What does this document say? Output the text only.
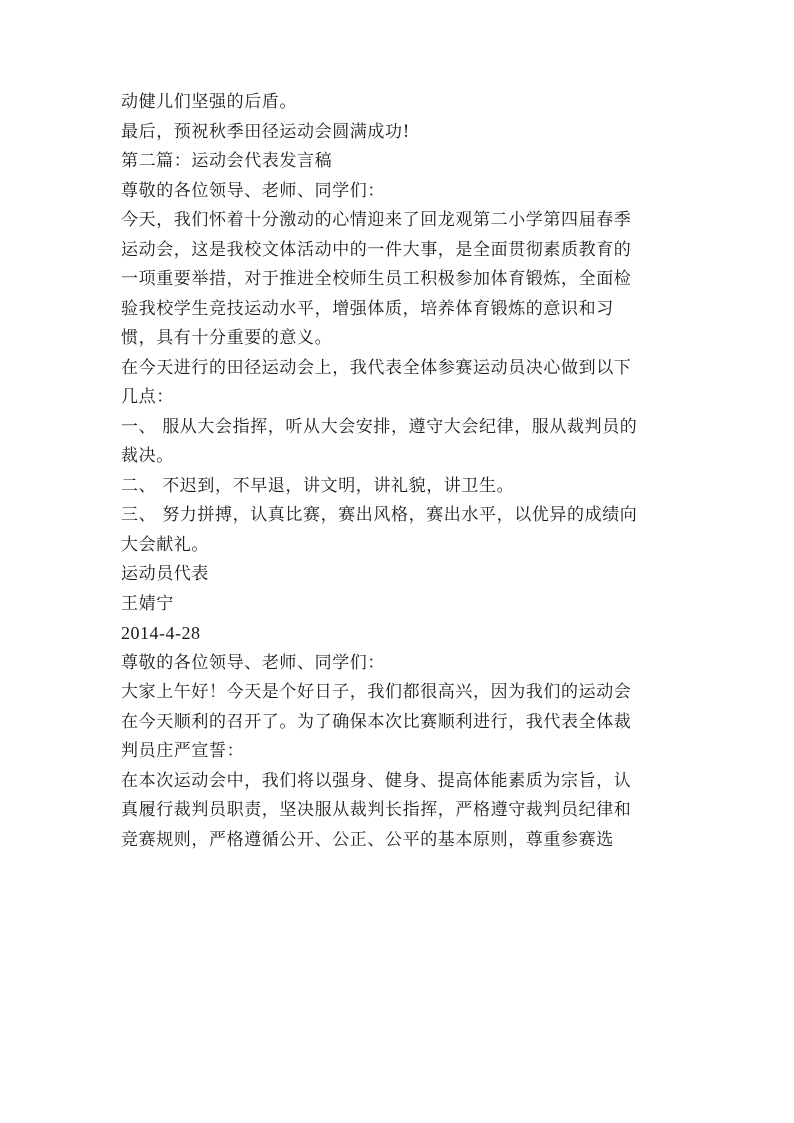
动健儿们坚强的后盾。
最后，预祝秋季田径运动会圆满成功!
第二篇：运动会代表发言稿
尊敬的各位领导、老师、同学们：
今天，我们怀着十分激动的心情迎来了回龙观第二小学第四届春季
运动会，这是我校文体活动中的一件大事，是全面贯彻素质教育的
一项重要举措，对于推进全校师生员工积极参加体育锻炼，全面检
验我校学生竞技运动水平，增强体质，培养体育锻炼的意识和习
惯，具有十分重要的意义。
在今天进行的田径运动会上，我代表全体参赛运动员决心做到以下
几点：
一、 服从大会指挥，听从大会安排，遵守大会纪律，服从裁判员的
裁决。
二、 不迟到，不早退，讲文明，讲礼貌，讲卫生。
三、 努力拼搏，认真比赛，赛出风格，赛出水平，以优异的成绩向
大会献礼。
运动员代表
王婧宁
2014-4-28
尊敬的各位领导、老师、同学们：
大家上午好！今天是个好日子，我们都很高兴，因为我们的运动会
在今天顺利的召开了。为了确保本次比赛顺利进行，我代表全体裁
判员庄严宣誓：
在本次运动会中，我们将以强身、健身、提高体能素质为宗旨，认
真履行裁判员职责，坚决服从裁判长指挥，严格遵守裁判员纪律和
竞赛规则，严格遵循公开、公正、公平的基本原则，尊重参赛选
